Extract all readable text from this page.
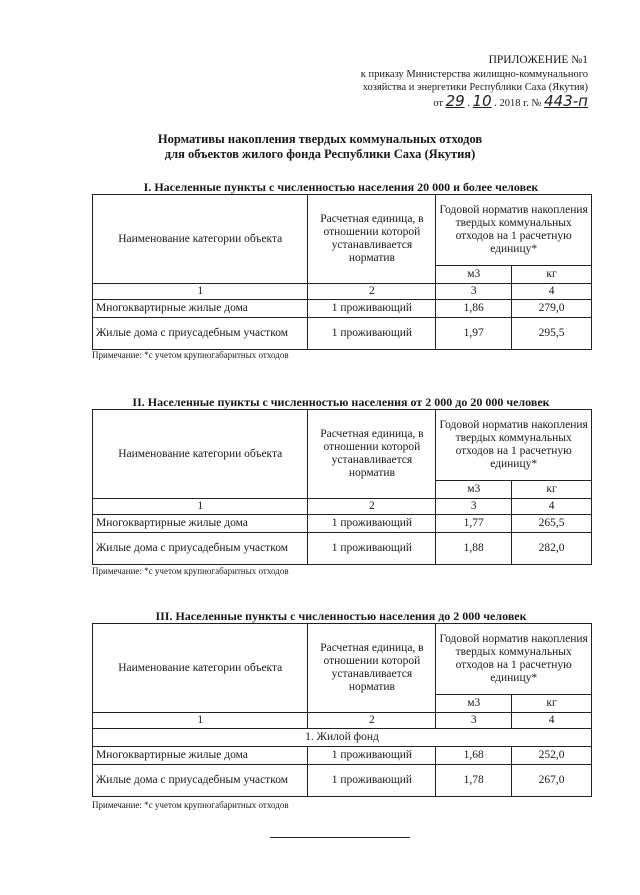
ПРИЛОЖЕНИЕ №1
к приказу Министерства жилищно-коммунального
хозяйства и энергетики Республики Саха (Якутия)
от 29 . 10 . 2018 г. № 443-п
Нормативы накопления твердых коммунальных отходов
для объектов жилого фонда Республики Саха (Якутия)
I. Населенные пункты с численностью населения 20 000 и более человек
Наименование категории объекта	Расчетная единица, в отношении которой устанавливается норматив	Годовой норматив накопления твердых коммунальных отходов на 1 расчетную единицу*	
		м3	кг
1	2	3	4
Многоквартирные жилые дома	1 проживающий	1,86	279,0
Жилые дома с приусадебным участком	1 проживающий	1,97	295,5
Примечание: *с учетом крупногабаритных отходов
II. Населенные пункты с численностью населения от 2 000 до 20 000 человек
Наименование категории объекта	Расчетная единица, в отношении которой устанавливается норматив	Годовой норматив накопления твердых коммунальных отходов на 1 расчетную единицу*	
		м3	кг
1	2	3	4
Многоквартирные жилые дома	1 проживающий	1,77	265,5
Жилые дома с приусадебным участком	1 проживающий	1,88	282,0
Примечание: *с учетом крупногабаритных отходов
III. Населенные пункты с численностью населения до 2 000 человек
Наименование категории объекта	Расчетная единица, в отношении которой устанавливается норматив	Годовой норматив накопления твердых коммунальных отходов на 1 расчетную единицу*	
		м3	кг
1	2	3	4
1. Жилой фонд			
Многоквартирные жилые дома	1 проживающий	1,68	252,0
Жилые дома с приусадебным участком	1 проживающий	1,78	267,0
Примечание: *с учетом крупногабаритных отходов
